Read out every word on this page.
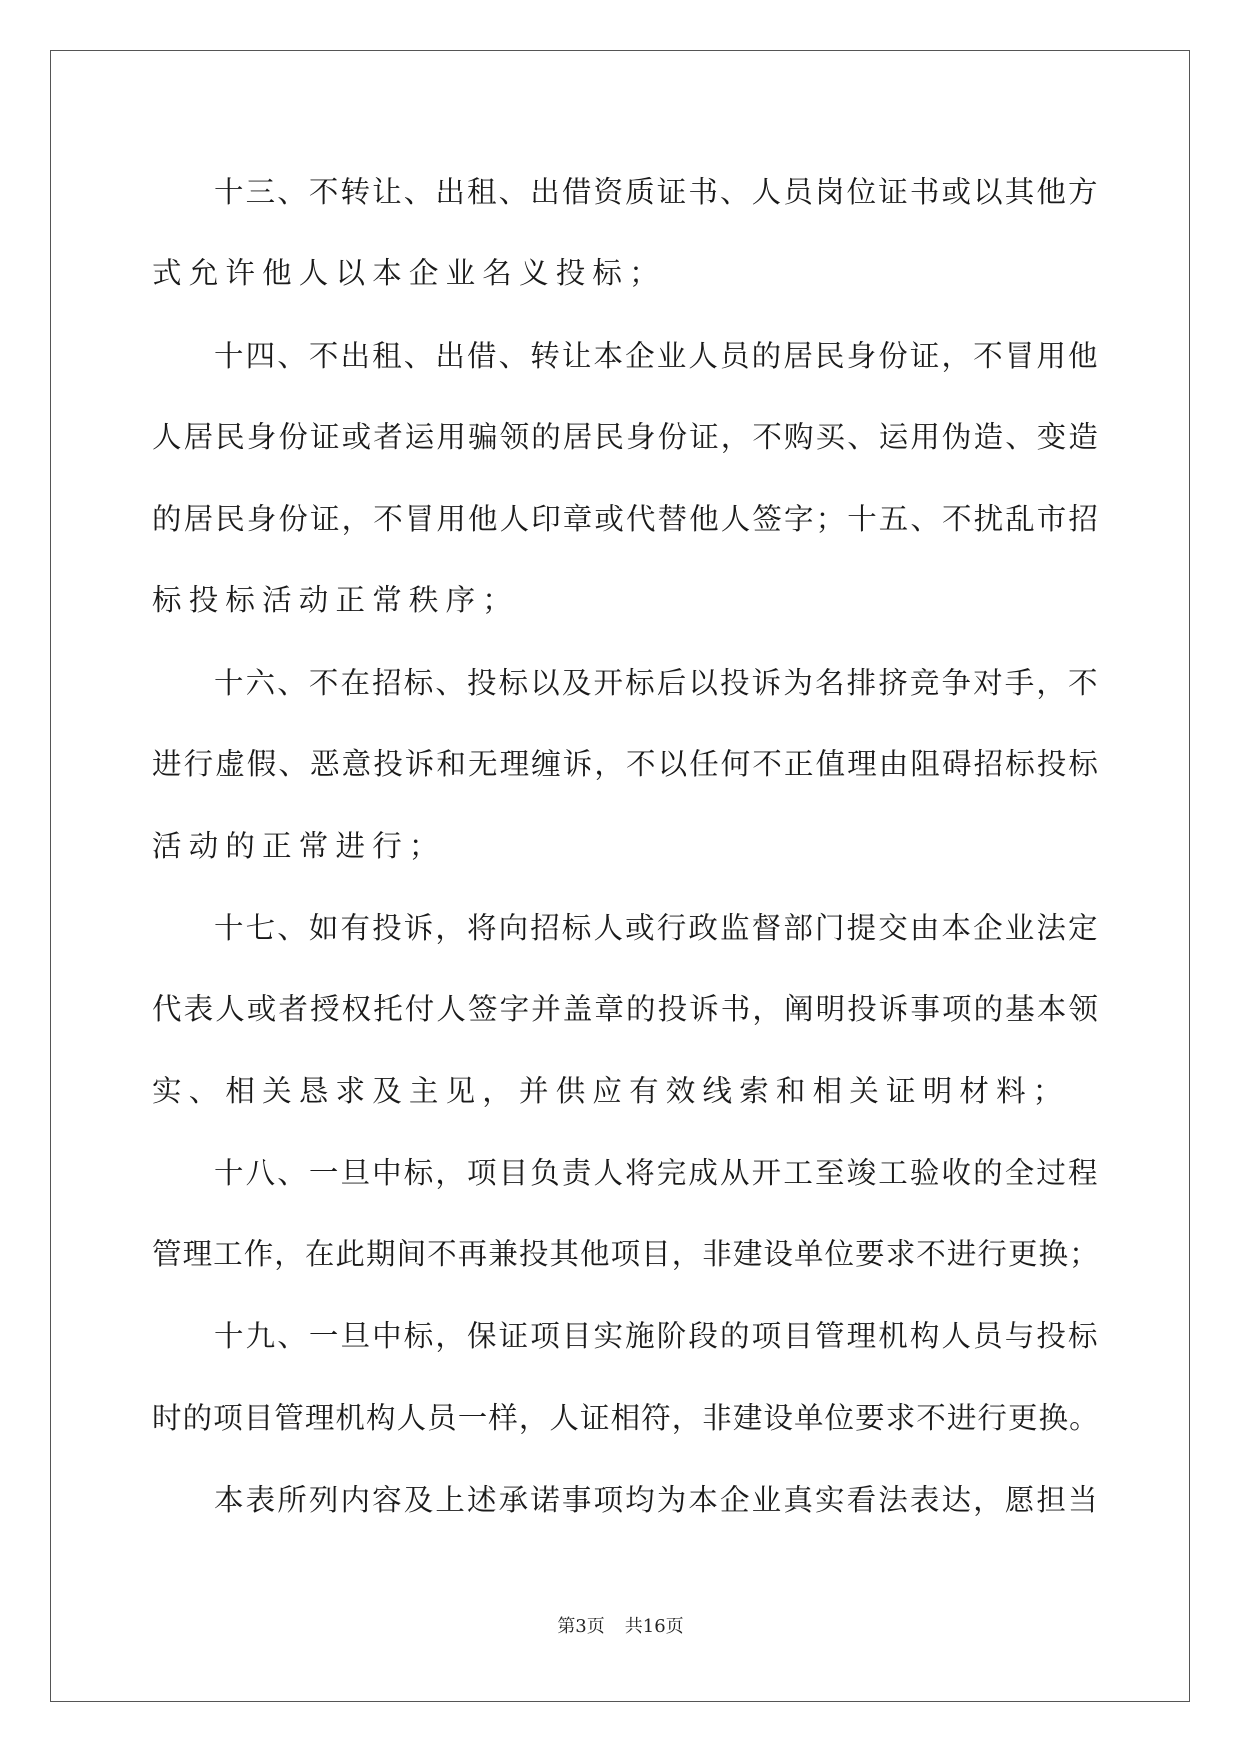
十三、不转让、出租、出借资质证书、人员岗位证书或以其他方
式允许他人以本企业名义投标；
十四、不出租、出借、转让本企业人员的居民身份证，不冒用他
人居民身份证或者运用骗领的居民身份证，不购买、运用伪造、变造
的居民身份证，不冒用他人印章或代替他人签字；十五、不扰乱市招
标投标活动正常秩序；
十六、不在招标、投标以及开标后以投诉为名排挤竞争对手，不
进行虚假、恶意投诉和无理缠诉，不以任何不正值理由阻碍招标投标
活动的正常进行；
十七、如有投诉，将向招标人或行政监督部门提交由本企业法定
代表人或者授权托付人签字并盖章的投诉书，阐明投诉事项的基本领
实、相关恳求及主见，并供应有效线索和相关证明材料；
十八、一旦中标，项目负责人将完成从开工至竣工验收的全过程
管理工作，在此期间不再兼投其他项目，非建设单位要求不进行更换；
十九、一旦中标，保证项目实施阶段的项目管理机构人员与投标
时的项目管理机构人员一样，人证相符，非建设单位要求不进行更换。
本表所列内容及上述承诺事项均为本企业真实看法表达，愿担当
第3页 共16页
